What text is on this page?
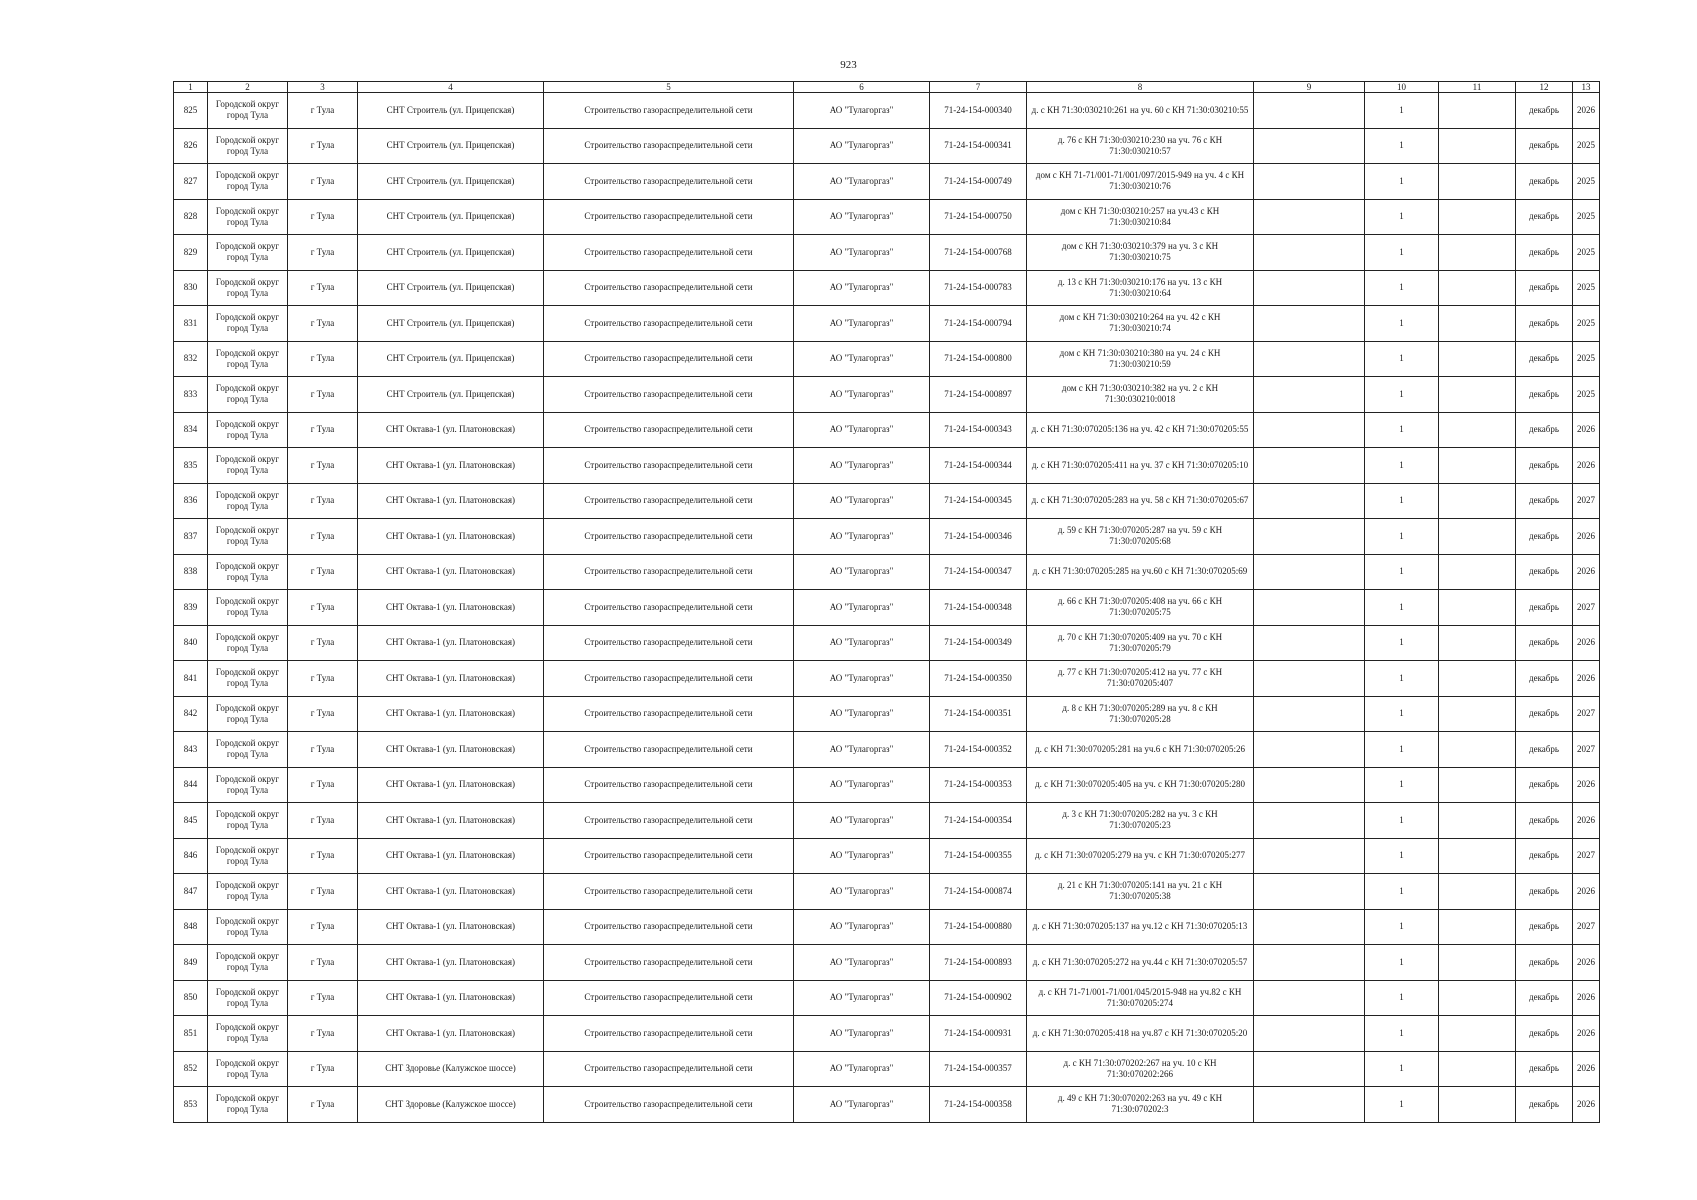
923
1	2	3	4	5	6	7	8	9	10	11	12	13
825	Городской округ город Тула	г Тула	СНТ Строитель (ул. Прицепская)	Строительство газораспределительной сети	АО "Тулагоргаз"	71-24-154-000340	д. с КН 71:30:030210:261 на уч. 60 с КН 71:30:030210:55		1		декабрь	2026
826	Городской округ город Тула	г Тула	СНТ Строитель (ул. Прицепская)	Строительство газораспределительной сети	АО "Тулагоргаз"	71-24-154-000341	д. 76 с КН 71:30:030210:230 на уч. 76 с КН 71:30:030210:57		1		декабрь	2025
827	Городской округ город Тула	г Тула	СНТ Строитель (ул. Прицепская)	Строительство газораспределительной сети	АО "Тулагоргаз"	71-24-154-000749	дом с КН 71-71/001-71/001/097/2015-949 на уч. 4 с КН 71:30:030210:76		1		декабрь	2025
828	Городской округ город Тула	г Тула	СНТ Строитель (ул. Прицепская)	Строительство газораспределительной сети	АО "Тулагоргаз"	71-24-154-000750	дом с КН 71:30:030210:257 на уч.43 с КН 71:30:030210:84		1		декабрь	2025
829	Городской округ город Тула	г Тула	СНТ Строитель (ул. Прицепская)	Строительство газораспределительной сети	АО "Тулагоргаз"	71-24-154-000768	дом с КН 71:30:030210:379 на уч. 3 с КН 71:30:030210:75		1		декабрь	2025
830	Городской округ город Тула	г Тула	СНТ Строитель (ул. Прицепская)	Строительство газораспределительной сети	АО "Тулагоргаз"	71-24-154-000783	д. 13 с КН 71:30:030210:176 на уч. 13 с КН 71:30:030210:64		1		декабрь	2025
831	Городской округ город Тула	г Тула	СНТ Строитель (ул. Прицепская)	Строительство газораспределительной сети	АО "Тулагоргаз"	71-24-154-000794	дом с КН 71:30:030210:264 на уч. 42 с КН 71:30:030210:74		1		декабрь	2025
832	Городской округ город Тула	г Тула	СНТ Строитель (ул. Прицепская)	Строительство газораспределительной сети	АО "Тулагоргаз"	71-24-154-000800	дом с КН 71:30:030210:380 на уч. 24 с КН 71:30:030210:59		1		декабрь	2025
833	Городской округ город Тула	г Тула	СНТ Строитель (ул. Прицепская)	Строительство газораспределительной сети	АО "Тулагоргаз"	71-24-154-000897	дом с КН 71:30:030210:382 на уч. 2 с КН 71:30:030210:0018		1		декабрь	2025
834	Городской округ город Тула	г Тула	СНТ Октава-1 (ул. Платоновская)	Строительство газораспределительной сети	АО "Тулагоргаз"	71-24-154-000343	д. с КН 71:30:070205:136 на уч. 42 с КН 71:30:070205:55		1		декабрь	2026
835	Городской округ город Тула	г Тула	СНТ Октава-1 (ул. Платоновская)	Строительство газораспределительной сети	АО "Тулагоргаз"	71-24-154-000344	д. с КН 71:30:070205:411 на уч. 37 с КН 71:30:070205:10		1		декабрь	2026
836	Городской округ город Тула	г Тула	СНТ Октава-1 (ул. Платоновская)	Строительство газораспределительной сети	АО "Тулагоргаз"	71-24-154-000345	д. с КН 71:30:070205:283 на уч. 58 с КН 71:30:070205:67		1		декабрь	2027
837	Городской округ город Тула	г Тула	СНТ Октава-1 (ул. Платоновская)	Строительство газораспределительной сети	АО "Тулагоргаз"	71-24-154-000346	д. 59 с КН 71:30:070205:287 на уч. 59 с КН 71:30:070205:68		1		декабрь	2026
838	Городской округ город Тула	г Тула	СНТ Октава-1 (ул. Платоновская)	Строительство газораспределительной сети	АО "Тулагоргаз"	71-24-154-000347	д. с КН 71:30:070205:285 на уч.60 с КН 71:30:070205:69		1		декабрь	2026
839	Городской округ город Тула	г Тула	СНТ Октава-1 (ул. Платоновская)	Строительство газораспределительной сети	АО "Тулагоргаз"	71-24-154-000348	д. 66 с КН 71:30:070205:408 на уч. 66 с КН 71:30:070205:75		1		декабрь	2027
840	Городской округ город Тула	г Тула	СНТ Октава-1 (ул. Платоновская)	Строительство газораспределительной сети	АО "Тулагоргаз"	71-24-154-000349	д. 70 с КН 71:30:070205:409 на уч. 70 с КН 71:30:070205:79		1		декабрь	2026
841	Городской округ город Тула	г Тула	СНТ Октава-1 (ул. Платоновская)	Строительство газораспределительной сети	АО "Тулагоргаз"	71-24-154-000350	д. 77 с КН 71:30:070205:412 на уч. 77 с КН 71:30:070205:407		1		декабрь	2026
842	Городской округ город Тула	г Тула	СНТ Октава-1 (ул. Платоновская)	Строительство газораспределительной сети	АО "Тулагоргаз"	71-24-154-000351	д. 8 с КН 71:30:070205:289 на уч. 8 с КН 71:30:070205:28		1		декабрь	2027
843	Городской округ город Тула	г Тула	СНТ Октава-1 (ул. Платоновская)	Строительство газораспределительной сети	АО "Тулагоргаз"	71-24-154-000352	д. с КН 71:30:070205:281 на уч.6 с КН 71:30:070205:26		1		декабрь	2027
844	Городской округ город Тула	г Тула	СНТ Октава-1 (ул. Платоновская)	Строительство газораспределительной сети	АО "Тулагоргаз"	71-24-154-000353	д. с КН 71:30:070205:405 на уч. с КН 71:30:070205:280		1		декабрь	2026
845	Городской округ город Тула	г Тула	СНТ Октава-1 (ул. Платоновская)	Строительство газораспределительной сети	АО "Тулагоргаз"	71-24-154-000354	д. 3 с КН 71:30:070205:282 на уч. 3 с КН 71:30:070205:23		1		декабрь	2026
846	Городской округ город Тула	г Тула	СНТ Октава-1 (ул. Платоновская)	Строительство газораспределительной сети	АО "Тулагоргаз"	71-24-154-000355	д. с КН 71:30:070205:279 на уч. с КН 71:30:070205:277		1		декабрь	2027
847	Городской округ город Тула	г Тула	СНТ Октава-1 (ул. Платоновская)	Строительство газораспределительной сети	АО "Тулагоргаз"	71-24-154-000874	д. 21 с КН 71:30:070205:141 на уч. 21 с КН 71:30:070205:38		1		декабрь	2026
848	Городской округ город Тула	г Тула	СНТ Октава-1 (ул. Платоновская)	Строительство газораспределительной сети	АО "Тулагоргаз"	71-24-154-000880	д. с КН 71:30:070205:137 на уч.12 с КН 71:30:070205:13		1		декабрь	2027
849	Городской округ город Тула	г Тула	СНТ Октава-1 (ул. Платоновская)	Строительство газораспределительной сети	АО "Тулагоргаз"	71-24-154-000893	д. с КН 71:30:070205:272 на уч.44 с КН 71:30:070205:57		1		декабрь	2026
850	Городской округ город Тула	г Тула	СНТ Октава-1 (ул. Платоновская)	Строительство газораспределительной сети	АО "Тулагоргаз"	71-24-154-000902	д. с КН 71-71/001-71/001/045/2015-948 на уч.82 с КН 71:30:070205:274		1		декабрь	2026
851	Городской округ город Тула	г Тула	СНТ Октава-1 (ул. Платоновская)	Строительство газораспределительной сети	АО "Тулагоргаз"	71-24-154-000931	д. с КН 71:30:070205:418 на уч.87 с КН 71:30:070205:20		1		декабрь	2026
852	Городской округ город Тула	г Тула	СНТ Здоровье (Калужское шоссе)	Строительство газораспределительной сети	АО "Тулагоргаз"	71-24-154-000357	д. с КН 71:30:070202:267 на уч. 10 с КН 71:30:070202:266		1		декабрь	2026
853	Городской округ город Тула	г Тула	СНТ Здоровье (Калужское шоссе)	Строительство газораспределительной сети	АО "Тулагоргаз"	71-24-154-000358	д. 49 с КН 71:30:070202:263 на уч. 49 с КН 71:30:070202:3		1		декабрь	2026
